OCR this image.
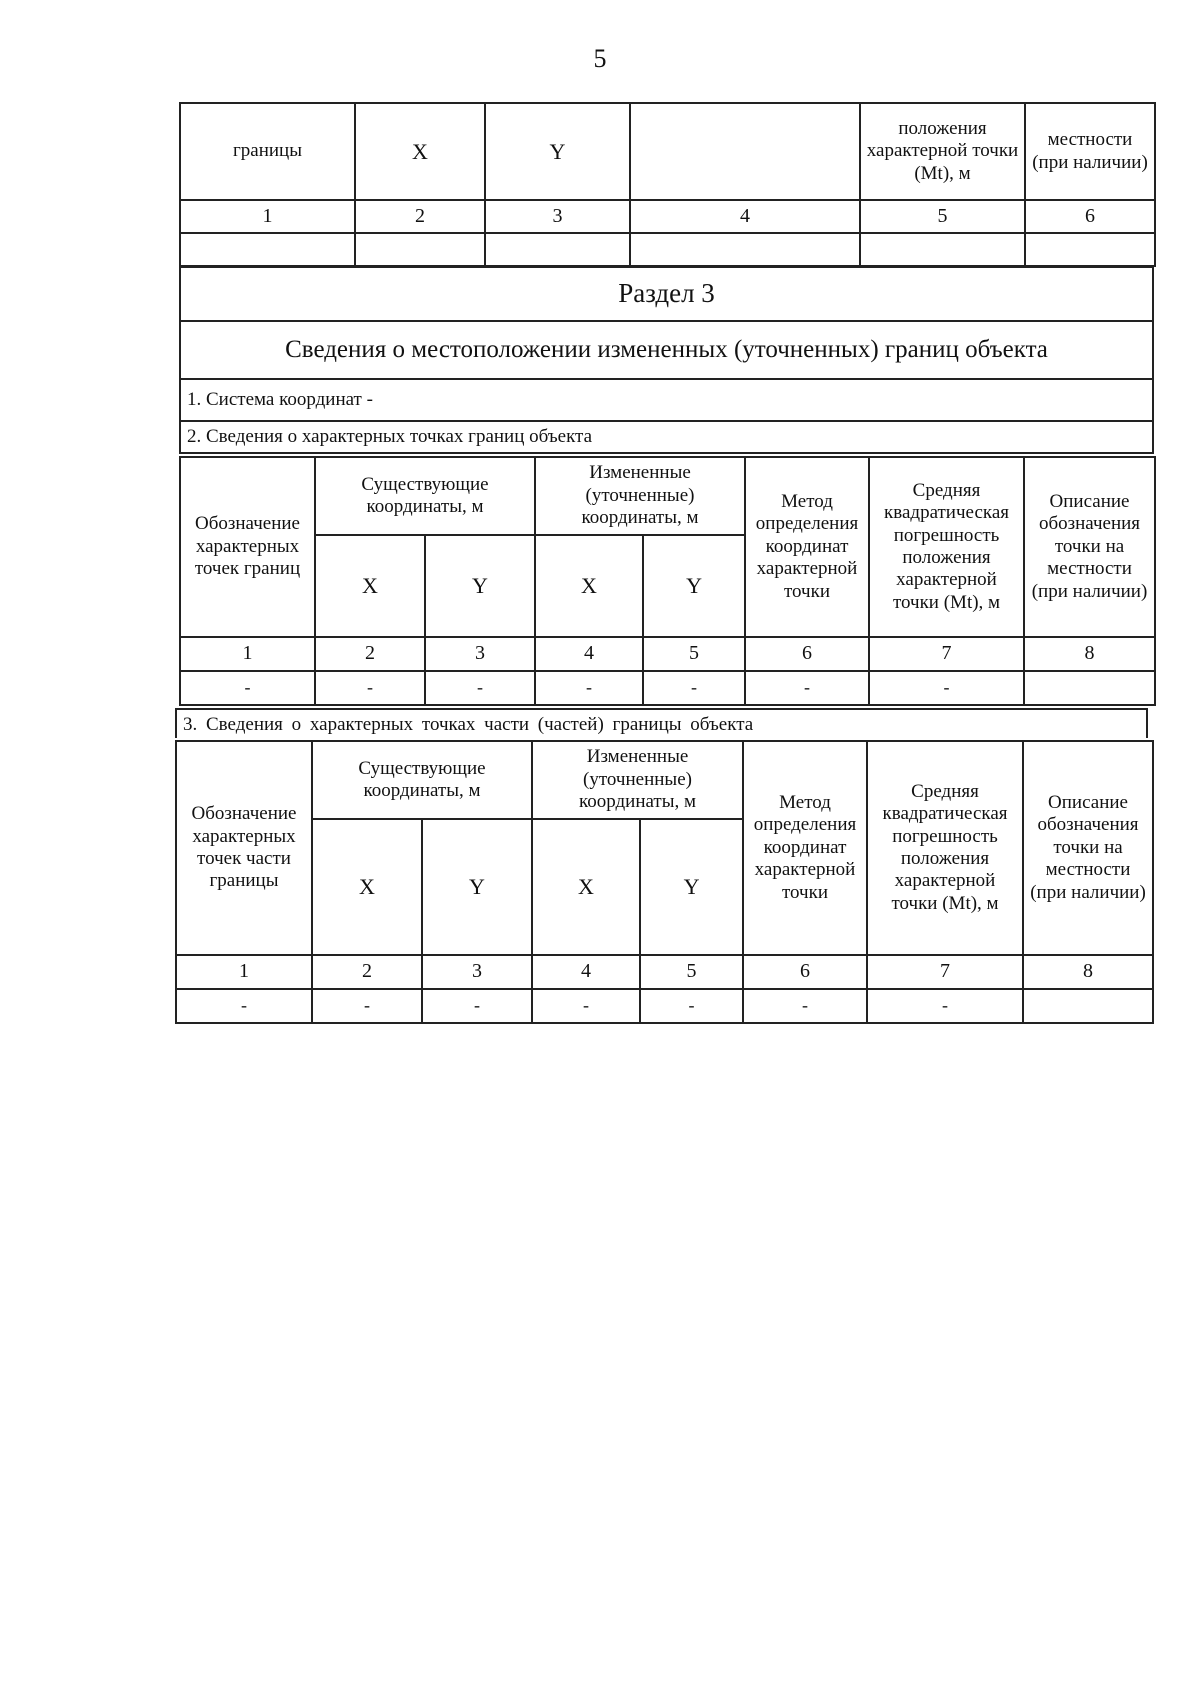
5
границы	X	Y		положения характерной точки (Mt), м	местности (при наличии)
1	2	3	4	5	6

Раздел 3
Сведения о местоположении измененных (уточненных) границ объекта
1. Система координат -
2. Сведения о характерных точках границ объекта
Обозначение характерных точек границ	Существующие координаты, м		Измененные (уточненные) координаты, м		Метод определения координат характерной точки	Средняя квадратическая погрешность положения характерной точки (Mt), м	Описание обозначения точки на местности (при наличии)
	X	Y	X	Y			
1	2	3	4	5	6	7	8
-	-	-	-	-	-	-	
3. Сведения о характерных точках части (частей) границы объекта
Обозначение характерных точек части границы	Существующие координаты, м		Измененные (уточненные) координаты, м		Метод определения координат характерной точки	Средняя квадратическая погрешность положения характерной точки (Mt), м	Описание обозначения точки на местности (при наличии)
	X	Y	X	Y			
1	2	3	4	5	6	7	8
-	-	-	-	-	-	-	
